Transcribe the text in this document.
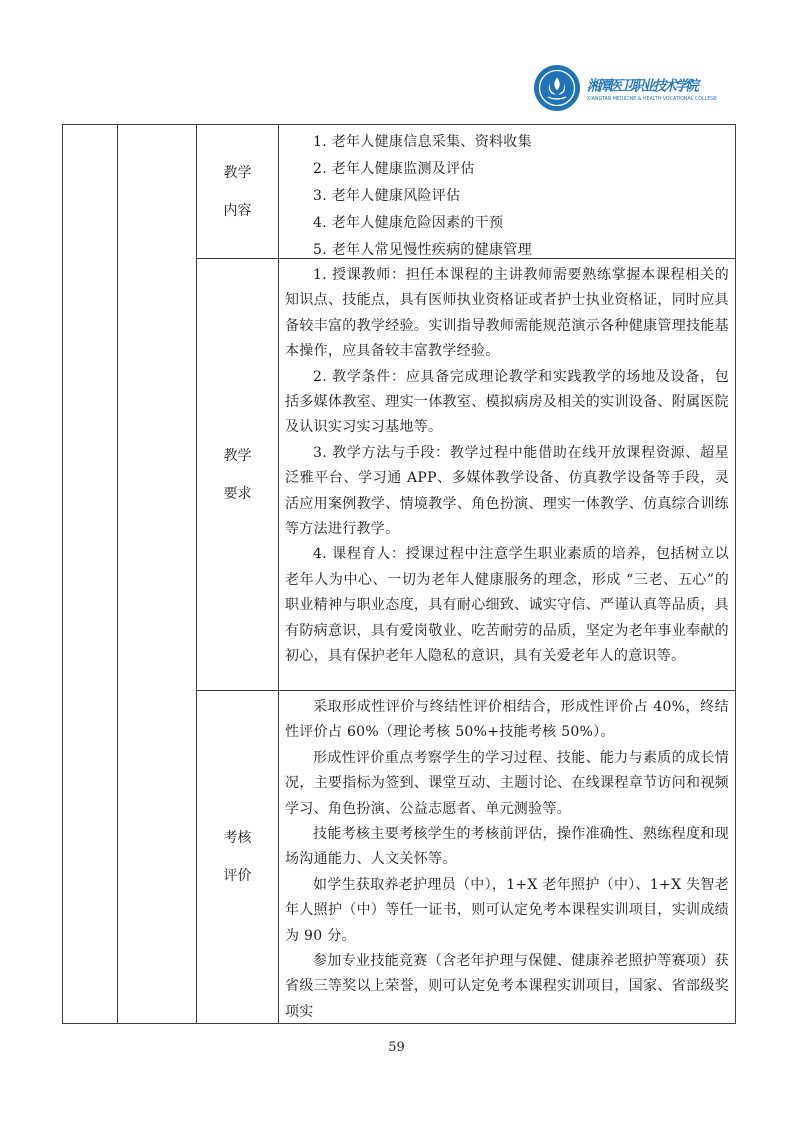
湘潭医卫职业技术学院
XIANGTAN MEDICINE & HEALTH VOCATIONAL COLLEGE
教学
内容

1. 老年人健康信息采集、资料收集

2. 老年人健康监测及评估

3. 老年人健康风险评估

4. 老年人健康危险因素的干预

5. 老年人常见慢性疾病的健康管理

教学
要求

1. 授课教师：担任本课程的主讲教师需要熟练掌握本课程相关的知识点、技能点，具有医师执业资格证或者护士执业资格证，同时应具备较丰富的教学经验。实训指导教师需能规范演示各种健康管理技能基本操作，应具备较丰富教学经验。

2. 教学条件：应具备完成理论教学和实践教学的场地及设备，包括多媒体教室、理实一体教室、模拟病房及相关的实训设备、附属医院及认识实习实习基地等。

3. 教学方法与手段：教学过程中能借助在线开放课程资源、超星泛雅平台、学习通 APP、多媒体教学设备、仿真教学设备等手段，灵活应用案例教学、情境教学、角色扮演、理实一体教学、仿真综合训练等方法进行教学。

4. 课程育人：授课过程中注意学生职业素质的培养，包括树立以老年人为中心、一切为老年人健康服务的理念，形成 “三老、五心”的职业精神与职业态度，具有耐心细致、诚实守信、严谨认真等品质，具有防病意识，具有爱岗敬业、吃苦耐劳的品质，坚定为老年事业奉献的初心，具有保护老年人隐私的意识，具有关爱老年人的意识等。

考核
评价

采取形成性评价与终结性评价相结合，形成性评价占 40%，终结性评价占 60%（理论考核 50%+技能考核 50%）。

形成性评价重点考察学生的学习过程、技能、能力与素质的成长情况，主要指标为签到、课堂互动、主题讨论、在线课程章节访问和视频学习、角色扮演、公益志愿者、单元测验等。

技能考核主要考核学生的考核前评估，操作准确性、熟练程度和现场沟通能力、人文关怀等。

如学生获取养老护理员（中），1+X 老年照护（中）、1+X 失智老年人照护（中）等任一证书，则可认定免考本课程实训项目，实训成绩为 90 分。

参加专业技能竞赛（含老年护理与保健、健康养老照护等赛项）获省级三等奖以上荣誉，则可认定免考本课程实训项目，国家、省部级奖项实

59
